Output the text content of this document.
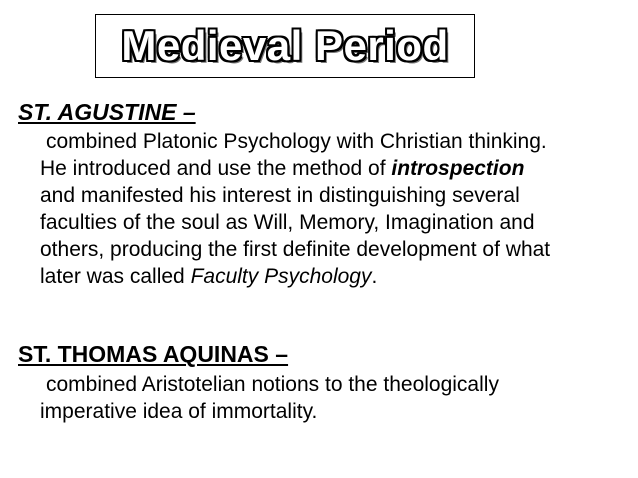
Medieval Period
ST. AGUSTINE –
combined Platonic Psychology with Christian thinking.
He introduced and use the method of introspection
and manifested his interest in distinguishing several
faculties of the soul as Will, Memory, Imagination and
others, producing the first definite development of what
later was called Faculty Psychology.
ST. THOMAS AQUINAS –
combined Aristotelian notions to the theologically
imperative idea of immortality.
